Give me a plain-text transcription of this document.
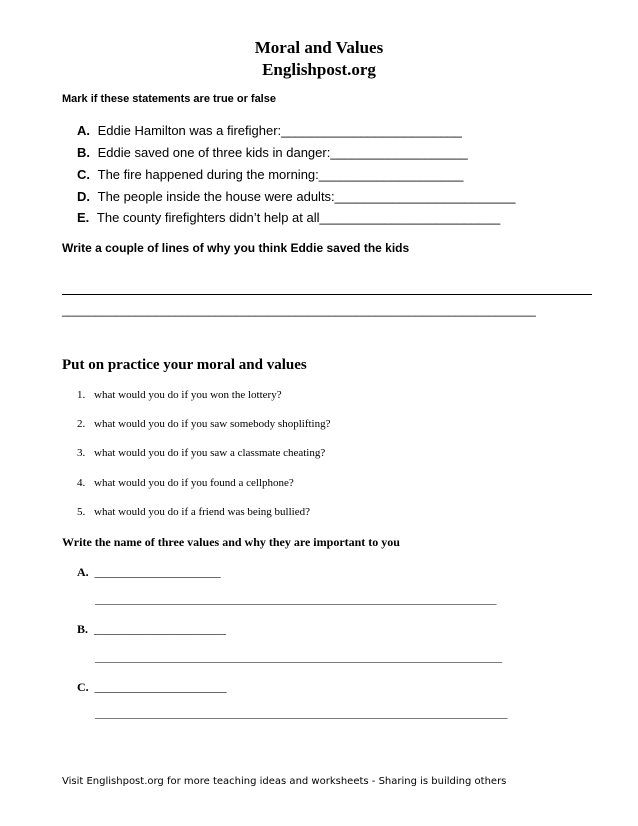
Moral and Values
Englishpost.org
Mark if these statements are true or false
A. Eddie Hamilton was a firefigher:_________________________
B. Eddie saved one of three kids in danger:___________________
C. The fire happened during the morning:____________________
D. The people inside the house were adults:_________________________
E. The county firefighters didn’t help at all_________________________
Write a couple of lines of why you think Eddie saved the kids
_______________________________________________________________________
Put on practice your moral and values
1. what would you do if you won the lottery?
2. what would you do if you saw somebody shoplifting?
3. what would you do if you saw a classmate cheating?
4. what would you do if you found a cellphone?
5. what would you do if a friend was being bullied?
Write the name of three values and why they are important to you
A. _____________________
_________________________________________________________________________
B. ______________________
__________________________________________________________________________
C. ______________________
___________________________________________________________________________
Visit Englishpost.org for more teaching ideas and worksheets - Sharing is building others
